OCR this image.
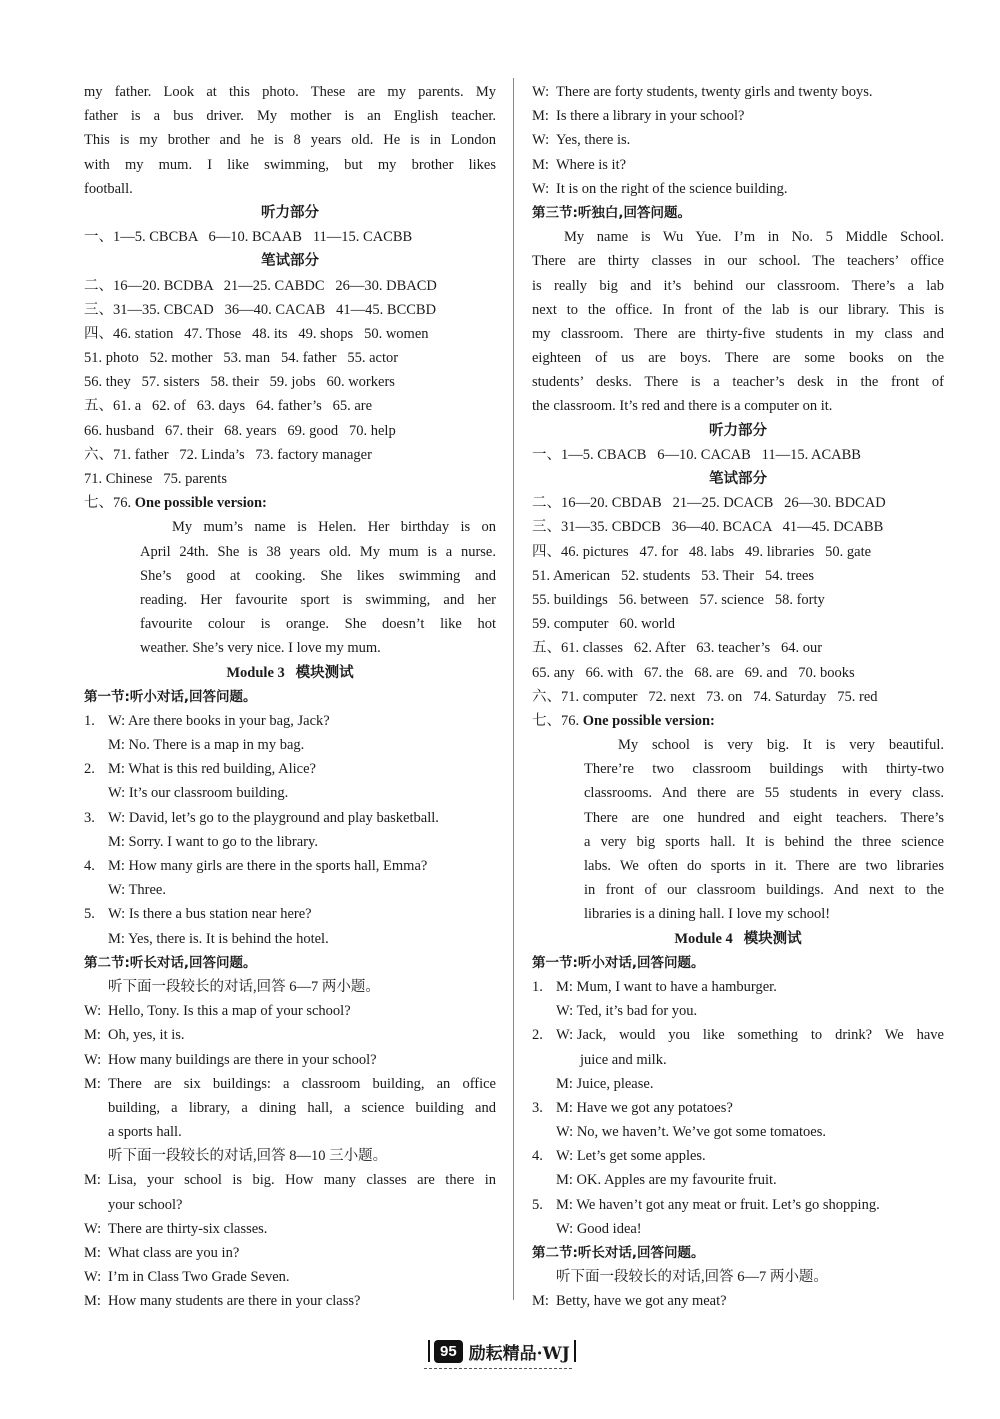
my father. Look at this photo. These are my parents. My
father is a bus driver. My mother is an English teacher.
This is my brother and he is 8 years old. He is in London
with my mum. I like swimming, but my brother likes
football.
听力部分
一、1—5. CBCBA   6—10. BCAAB   11—15. CACBB
笔试部分
二、16—20. BCDBA   21—25. CABDC   26—30. DBACD
三、31—35. CBCAD   36—40. CACAB   41—45. BCCBD
四、46. station   47. Those   48. its   49. shops   50. women
51. photo   52. mother   53. man   54. father   55. actor
56. they   57. sisters   58. their   59. jobs   60. workers
五、61. a   62. of   63. days   64. father’s   65. are
66. husband   67. their   68. years   69. good   70. help
六、71. father   72. Linda’s   73. factory manager
71. Chinese   75. parents
七、76. One possible version:
My mum’s name is Helen. Her birthday is on
April 24th. She is 38 years old. My mum is a nurse.
She’s good at cooking. She likes swimming and
reading. Her favourite sport is swimming, and her
favourite colour is orange. She doesn’t like hot
weather. She’s very nice. I love my mum.
Module 3   模块测试
第一节:听小对话,回答问题。
1. W: Are there books in your bag, Jack?
M: No. There is a map in my bag.
2. M: What is this red building, Alice?
W: It’s our classroom building.
3. W: David, let’s go to the playground and play basketball.
M: Sorry. I want to go to the library.
4. M: How many girls are there in the sports hall, Emma?
W: Three.
5. W: Is there a bus station near here?
M: Yes, there is. It is behind the hotel.
第二节:听长对话,回答问题。
听下面一段较长的对话,回答 6—7 两小题。
W: Hello, Tony. Is this a map of your school?
M: Oh, yes, it is.
W: How many buildings are there in your school?
M: There are six buildings: a classroom building, an office
building, a library, a dining hall, a science building and
a sports hall.
听下面一段较长的对话,回答 8—10 三小题。
M: Lisa, your school is big. How many classes are there in
your school?
W: There are thirty-six classes.
M: What class are you in?
W: I’m in Class Two Grade Seven.
M: How many students are there in your class?
W: There are forty students, twenty girls and twenty boys.
M: Is there a library in your school?
W: Yes, there is.
M: Where is it?
W: It is on the right of the science building.
第三节:听独白,回答问题。
My name is Wu Yue. I’m in No. 5 Middle School.
There are thirty classes in our school. The teachers’ office
is really big and it’s behind our classroom. There’s a lab
next to the office. In front of the lab is our library. This is
my classroom. There are thirty-five students in my class and
eighteen of us are boys. There are some books on the
students’ desks. There is a teacher’s desk in the front of
the classroom. It’s red and there is a computer on it.
听力部分
一、1—5. CBACB   6—10. CACAB   11—15. ACABB
笔试部分
二、16—20. CBDAB   21—25. DCACB   26—30. BDCAD
三、31—35. CBDCB   36—40. BCACA   41—45. DCABB
四、46. pictures   47. for   48. labs   49. libraries   50. gate
51. American   52. students   53. Their   54. trees
55. buildings   56. between   57. science   58. forty
59. computer   60. world
五、61. classes   62. After   63. teacher’s   64. our
65. any   66. with   67. the   68. are   69. and   70. books
六、71. computer   72. next   73. on   74. Saturday   75. red
七、76. One possible version:
My school is very big. It is very beautiful.
There’re two classroom buildings with thirty-two
classrooms. And there are 55 students in every class.
There are one hundred and eight teachers. There’s
a very big sports hall. It is behind the three science
labs. We often do sports in it. There are two libraries
in front of our classroom buildings. And next to the
libraries is a dining hall. I love my school!
Module 4   模块测试
第一节:听小对话,回答问题。
1. M: Mum, I want to have a hamburger.
W: Ted, it’s bad for you.
2. W:
Jack, would you like something to drink? We have
juice and milk.
M: Juice, please.
3. M: Have we got any potatoes?
W: No, we haven’t. We’ve got some tomatoes.
4. W: Let’s get some apples.
M: OK. Apples are my favourite fruit.
5. M: We haven’t got any meat or fruit. Let’s go shopping.
W: Good idea!
第二节:听长对话,回答问题。
听下面一段较长的对话,回答 6—7 两小题。
M: Betty, have we got any meat?
95 励耘精品·WJ
